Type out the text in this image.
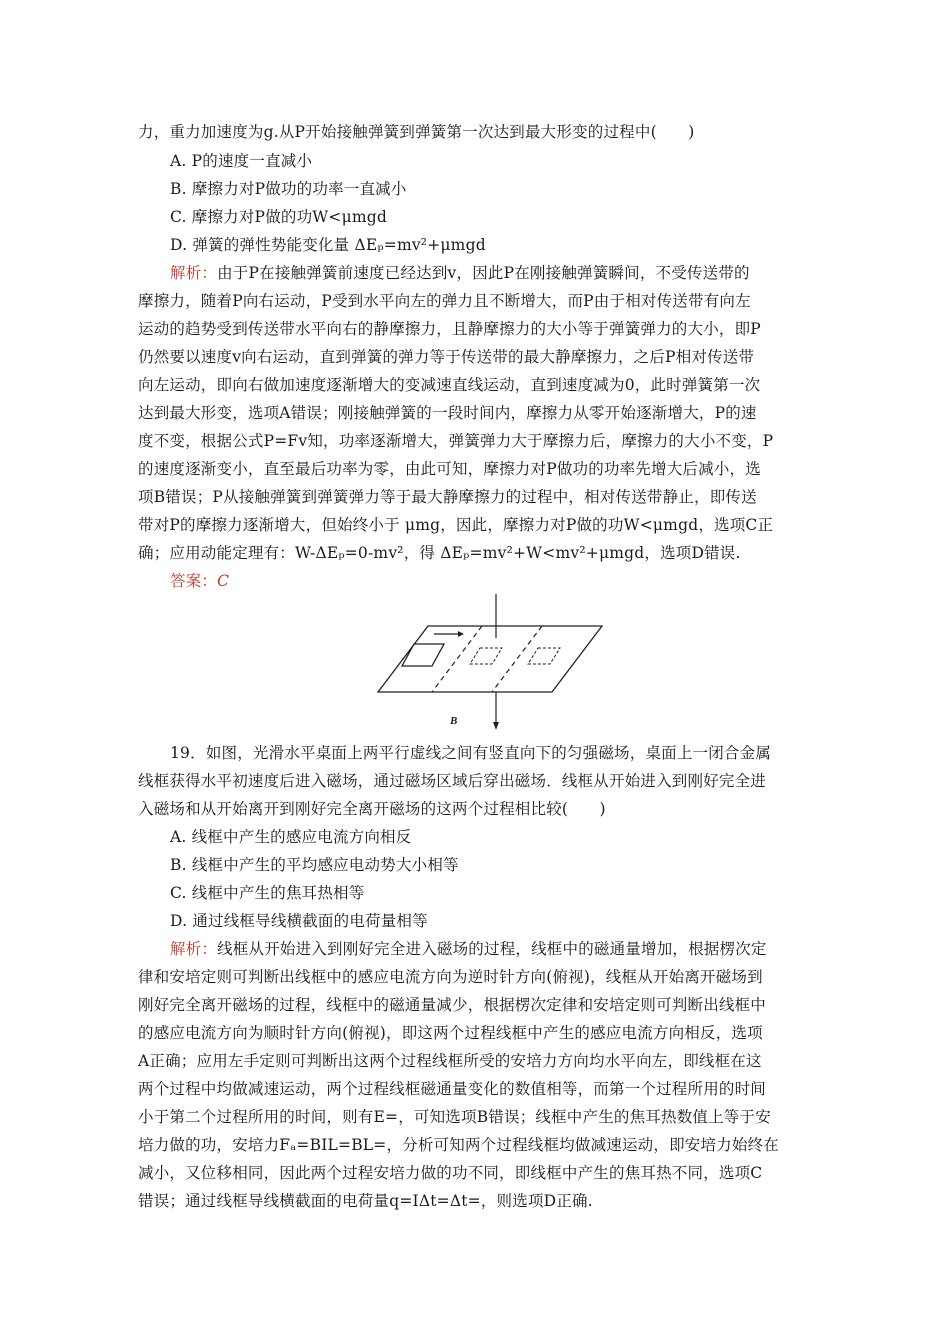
力，重力加速度为g.从P开始接触弹簧到弹簧第一次达到最大形变的过程中(　　)
A. P的速度一直减小
B. 摩擦力对P做功的功率一直减小
C. 摩擦力对P做的功W<μmgd
D. 弹簧的弹性势能变化量 ΔEₚ=mv²+μmgd
解析：由于P在接触弹簧前速度已经达到v，因此P在刚接触弹簧瞬间，不受传送带的
摩擦力，随着P向右运动，P受到水平向左的弹力且不断增大，而P由于相对传送带有向左
运动的趋势受到传送带水平向右的静摩擦力，且静摩擦力的大小等于弹簧弹力的大小，即P
仍然要以速度v向右运动，直到弹簧的弹力等于传送带的最大静摩擦力，之后P相对传送带
向左运动，即向右做加速度逐渐增大的变减速直线运动，直到速度减为0，此时弹簧第一次
达到最大形变，选项A错误；刚接触弹簧的一段时间内，摩擦力从零开始逐渐增大，P的速
度不变，根据公式P=Fv知，功率逐渐增大，弹簧弹力大于摩擦力后，摩擦力的大小不变，P
的速度逐渐变小，直至最后功率为零，由此可知，摩擦力对P做功的功率先增大后减小，选
项B错误；P从接触弹簧到弹簧弹力等于最大静摩擦力的过程中，相对传送带静止，即传送
带对P的摩擦力逐渐增大，但始终小于 μmg，因此，摩擦力对P做的功W<μmgd，选项C正
确；应用动能定理有：W-ΔEₚ=0-mv²，得 ΔEₚ=mv²+W<mv²+μmgd，选项D错误.
答案：C
B
19．如图，光滑水平桌面上两平行虚线之间有竖直向下的匀强磁场，桌面上一闭合金属
线框获得水平初速度后进入磁场，通过磁场区域后穿出磁场．线框从开始进入到刚好完全进
入磁场和从开始离开到刚好完全离开磁场的这两个过程相比较(　　)
A. 线框中产生的感应电流方向相反
B. 线框中产生的平均感应电动势大小相等
C. 线框中产生的焦耳热相等
D. 通过线框导线横截面的电荷量相等
解析：线框从开始进入到刚好完全进入磁场的过程，线框中的磁通量增加，根据楞次定
律和安培定则可判断出线框中的感应电流方向为逆时针方向(俯视)，线框从开始离开磁场到
刚好完全离开磁场的过程，线框中的磁通量减少，根据楞次定律和安培定则可判断出线框中
的感应电流方向为顺时针方向(俯视)，即这两个过程线框中产生的感应电流方向相反，选项
A正确；应用左手定则可判断出这两个过程线框所受的安培力方向均水平向左，即线框在这
两个过程中均做减速运动，两个过程线框磁通量变化的数值相等，而第一个过程所用的时间
小于第二个过程所用的时间，则有E=，可知选项B错误；线框中产生的焦耳热数值上等于安
培力做的功，安培力Fₐ=BIL=BL=，分析可知两个过程线框均做减速运动，即安培力始终在
减小，又位移相同，因此两个过程安培力做的功不同，即线框中产生的焦耳热不同，选项C
错误；通过线框导线横截面的电荷量q=IΔt=Δt=，则选项D正确.
